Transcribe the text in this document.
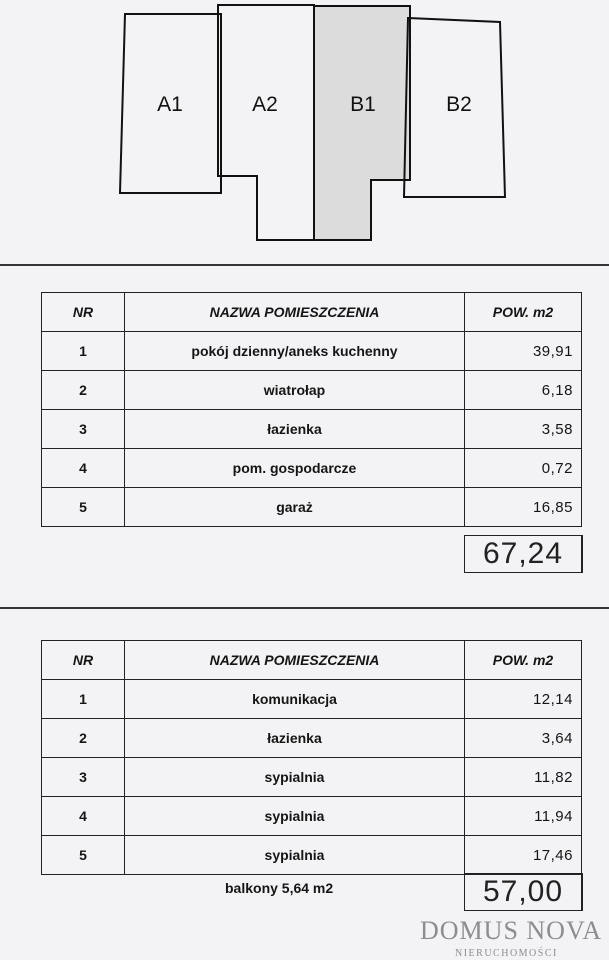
A1	A2	B1	B2
NR	NAZWA POMIESZCZENIA	POW. m2
1	pokój dzienny/aneks kuchenny	39,91
2	wiatrołap	6,18
3	łazienka	3,58
4	pom. gospodarcze	0,72
5	garaż	16,85
67,24
NR	NAZWA POMIESZCZENIA	POW. m2
1	komunikacja	12,14
2	łazienka	3,64
3	sypialnia	11,82
4	sypialnia	11,94
5	sypialnia	17,46
balkony 5,64 m2	57,00
DOMUS NOVA
NIERUCHOMOŚCI
